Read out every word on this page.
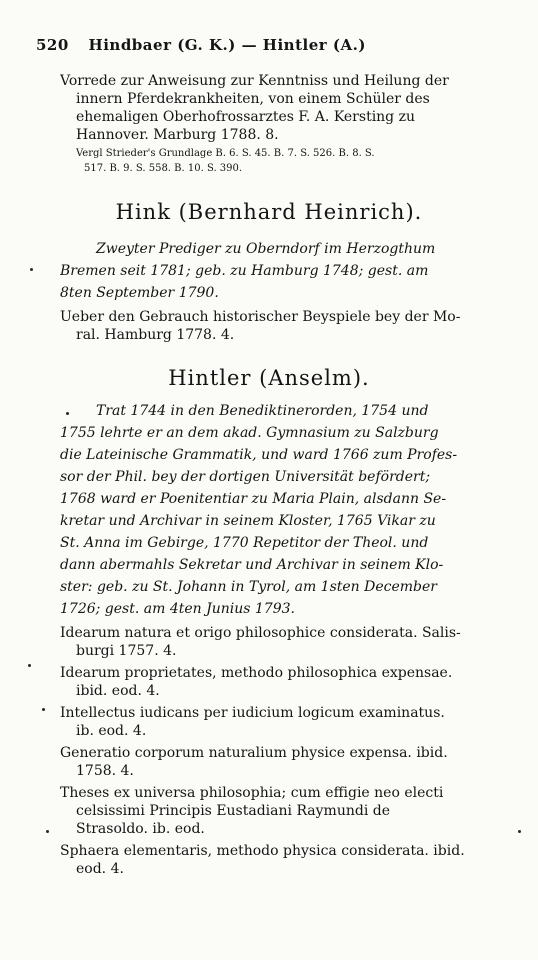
520 Hindbaer (G. K.) — Hintler (A.)
Vorrede zur Anweisung zur Kenntniss und Heilung der
innern Pferdekrankheiten, von einem Schüler des
ehemaligen Oberhofrossarztes F. A. Kersting zu
Hannover. Marburg 1788. 8.
Vergl Strieder's Grundlage B. 6. S. 45. B. 7. S. 526. B. 8. S.
517. B. 9. S. 558. B. 10. S. 390.
Hink (Bernhard Heinrich).
Zweyter Prediger zu Oberndorf im Herzogthum
Bremen seit 1781; geb. zu Hamburg 1748; gest. am
8ten September 1790.
Ueber den Gebrauch historischer Beyspiele bey der Mo-
ral. Hamburg 1778. 4.
Hintler (Anselm).
Trat 1744 in den Benediktinerorden, 1754 und
1755 lehrte er an dem akad. Gymnasium zu Salzburg
die Lateinische Grammatik, und ward 1766 zum Profes-
sor der Phil. bey der dortigen Universität befördert;
1768 ward er Poenitentiar zu Maria Plain, alsdann Se-
kretar und Archivar in seinem Kloster, 1765 Vikar zu
St. Anna im Gebirge, 1770 Repetitor der Theol. und
dann abermahls Sekretar und Archivar in seinem Klo-
ster: geb. zu St. Johann in Tyrol, am 1sten December
1726; gest. am 4ten Junius 1793.
Idearum natura et origo philosophice considerata. Salis-
burgi 1757. 4.
Idearum proprietates, methodo philosophica expensae.
ibid. eod. 4.
Intellectus iudicans per iudicium logicum examinatus.
ib. eod. 4.
Generatio corporum naturalium physice expensa. ibid.
1758. 4.
Theses ex universa philosophia; cum effigie neo electi
celsissimi Principis Eustadiani Raymundi de
Strasoldo. ib. eod.
Sphaera elementaris, methodo physica considerata. ibid.
eod. 4.
